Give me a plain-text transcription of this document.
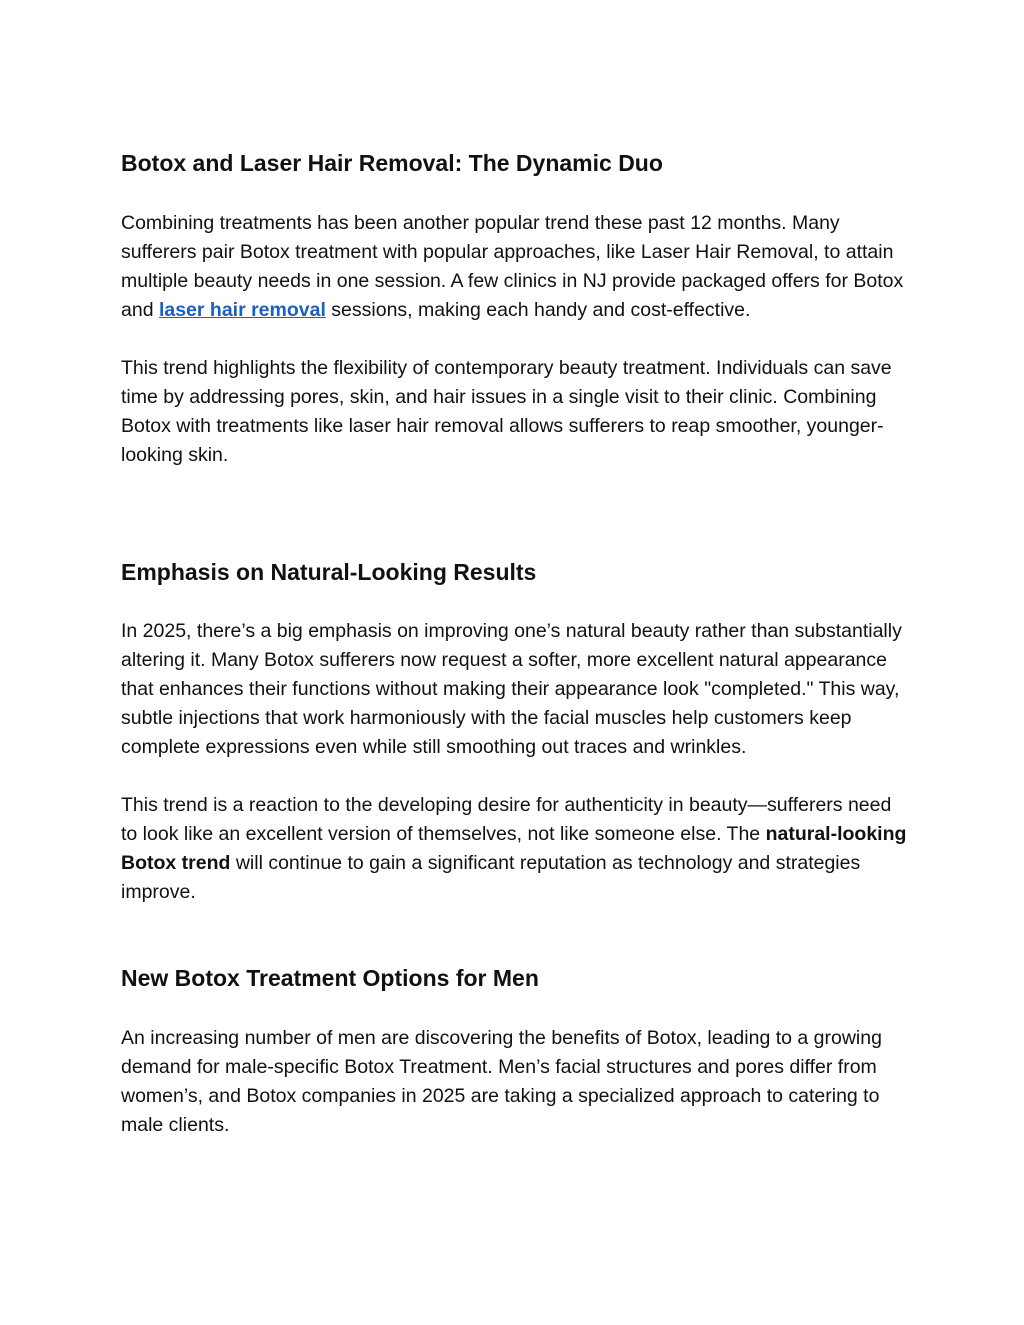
Botox and Laser Hair Removal: The Dynamic Duo

Combining treatments has been another popular trend these past 12 months. Many sufferers pair Botox treatment with popular approaches, like Laser Hair Removal, to attain multiple beauty needs in one session. A few clinics in NJ provide packaged offers for Botox and laser hair removal sessions, making each handy and cost-effective.

This trend highlights the flexibility of contemporary beauty treatment. Individuals can save time by addressing pores, skin, and hair issues in a single visit to their clinic. Combining Botox with treatments like laser hair removal allows sufferers to reap smoother, younger-looking skin.

Emphasis on Natural-Looking Results

In 2025, there’s a big emphasis on improving one’s natural beauty rather than substantially altering it. Many Botox sufferers now request a softer, more excellent natural appearance that enhances their functions without making their appearance look "completed." This way, subtle injections that work harmoniously with the facial muscles help customers keep complete expressions even while still smoothing out traces and wrinkles.

This trend is a reaction to the developing desire for authenticity in beauty—sufferers need to look like an excellent version of themselves, not like someone else. The natural-looking Botox trend will continue to gain a significant reputation as technology and strategies improve.

New Botox Treatment Options for Men

An increasing number of men are discovering the benefits of Botox, leading to a growing demand for male-specific Botox Treatment. Men’s facial structures and pores differ from women’s, and Botox companies in 2025 are taking a specialized approach to catering to male clients.
